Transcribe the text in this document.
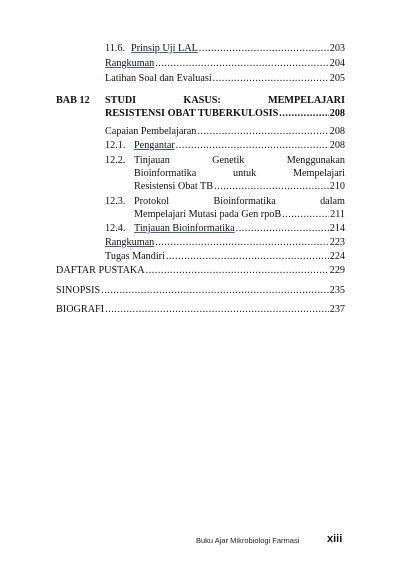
11.6. Prinsip Uji LAL .....	203
Rangkuman .....	204
Latihan Soal dan Evaluasi .....	205
BAB 12 STUDI	KASUS:	MEMPELAJARI
RESISTENSI OBAT TUBERKULOSIS .....	208
Capaian Pembelajaran .....	208
12.1. Pengantar .....	208
12.2. Tinjauan	Genetik	Menggunakan
Bioinformatika	untuk	Mempelajari
Resistensi Obat TB .....	210
12.3. Protokol	Bioinformatika	dalam
Mempelajari Mutasi pada Gen rpoB .....	211
12.4. Tinjauan Bioinformatika .....	214
Rangkuman .....	223
Tugas Mandiri .....	224
DAFTAR PUSTAKA .....	229
SINOPSIS .....	235
BIOGRAFI .....	237
Buku Ajar Mikrobiologi Farmasi	xiii
